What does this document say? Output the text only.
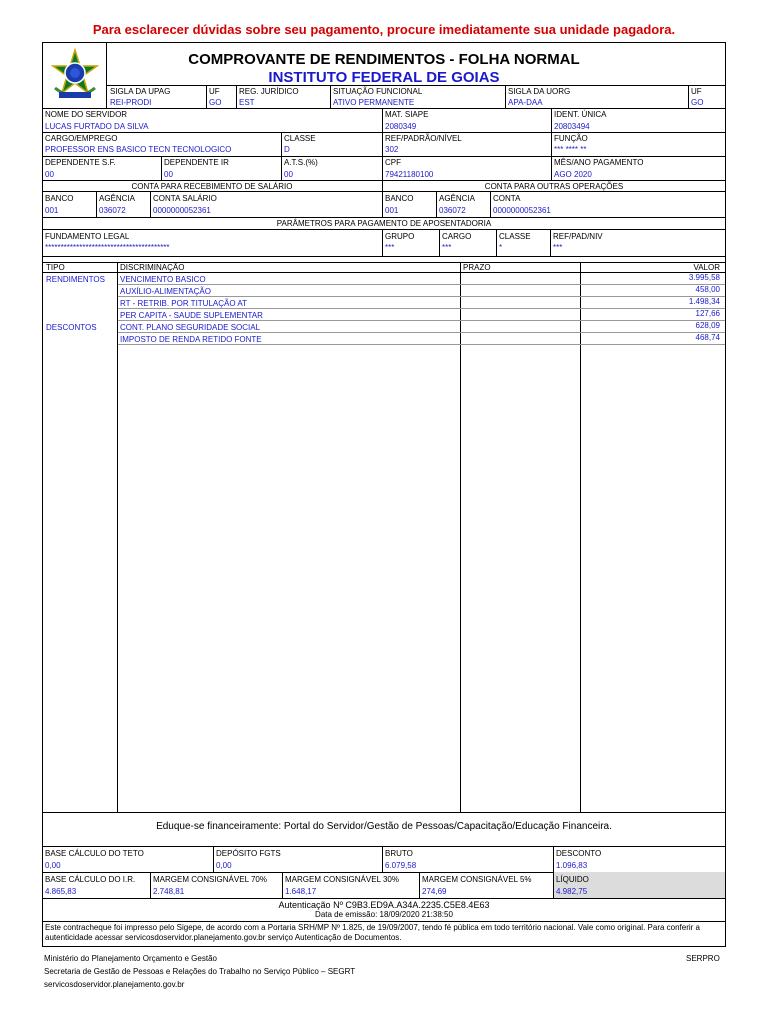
Para esclarecer dúvidas sobre seu pagamento, procure imediatamente sua unidade pagadora.
COMPROVANTE DE RENDIMENTOS - FOLHA NORMAL
INSTITUTO FEDERAL DE GOIAS
SIGLA DA UPAG
REI-PRODI
UF
GO
REG. JURÍDICO
EST
SITUAÇÃO FUNCIONAL
ATIVO PERMANENTE
SIGLA DA UORG
APA-DAA
UF
GO
NOME DO SERVIDOR
LUCAS FURTADO DA SILVA
MAT. SIAPE
2080349
IDENT. ÚNICA
20803494
CARGO/EMPREGO
PROFESSOR ENS BASICO TECN TECNOLOGICO
CLASSE
D
REF/PADRÃO/NÍVEL
302
FUNÇÃO
*** **** **
DEPENDENTE S.F.
00
DEPENDENTE IR
00
A.T.S.(%)
00
CPF
79421180100
MÊS/ANO PAGAMENTO
AGO 2020
CONTA PARA RECEBIMENTO DE SALÁRIO	CONTA PARA OUTRAS OPERAÇÕES
BANCO
001
AGÊNCIA
036072
CONTA SALÁRIO
0000000052361
BANCO
001
AGÊNCIA
036072
CONTA
0000000052361
PARÂMETROS PARA PAGAMENTO DE APOSENTADORIA
FUNDAMENTO LEGAL
****************************************
GRUPO
***
CARGO
***
CLASSE
*
REF/PAD/NIV
***
TIPO	DISCRIMINAÇÃO	PRAZO	VALOR
RENDIMENTOS VENCIMENTO BASICO	3.995,58
AUXÍLIO-ALIMENTAÇÃO	458,00
RT - RETRIB. POR TITULAÇÃO AT	1.498,34
PER CAPITA - SAUDE SUPLEMENTAR	127,66
DESCONTOS	CONT. PLANO SEGURIDADE SOCIAL	628,09
IMPOSTO DE RENDA RETIDO FONTE	468,74
Eduque-se financeiramente: Portal do Servidor/Gestão de Pessoas/Capacitação/Educação Financeira.
BASE CÁLCULO DO TETO
0,00
DEPÓSITO FGTS
0,00
BRUTO
6.079,58
DESCONTO
1.096,83
BASE CÁLCULO DO I.R.
4.865,83
MARGEM CONSIGNÁVEL 70%
2.748,81
MARGEM CONSIGNÁVEL 30%
1.648,17
MARGEM CONSIGNÁVEL 5%
274,69
LÍQUIDO
4.982,75
Autenticação Nº C9B3.ED9A.A34A.2235.C5E8.4E63
Data de emissão: 18/09/2020 21:38:50
Este contracheque foi impresso pelo Sigepe, de acordo com a Portaria SRH/MP Nº 1.825, de 19/09/2007, tendo fé pública em todo território nacional. Vale como original. Para conferir a autenticidade acessar servicosdoservidor.planejamento.gov.br serviço Autenticação de Documentos.
Ministério do Planejamento Orçamento e Gestão
Secretaria de Gestão de Pessoas e Relações do Trabalho no Serviço Público – SEGRT
servicosdoservidor.planejamento.gov.br
SERPRO
